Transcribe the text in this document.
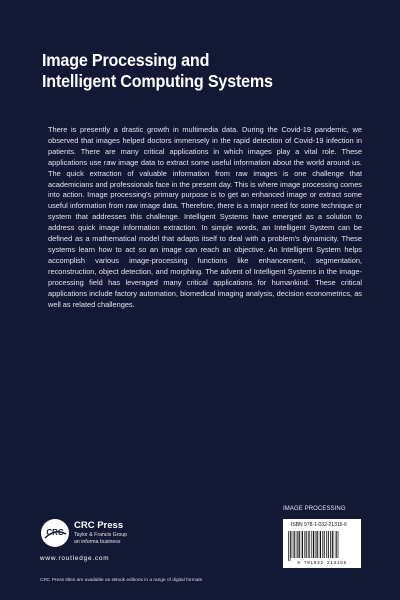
Image Processing and
Intelligent Computing Systems

There is presently a drastic growth in multimedia data. During the Covid-19 pandemic, we observed that images helped doctors immensely in the rapid detection of Covid-19 infection in patients. There are many critical applications in which images play a vital role. These applications use raw image data to extract some useful information about the world around us. The quick extraction of valuable information from raw images is one challenge that academicians and professionals face in the present day. This is where image processing comes into action. Image processing's primary purpose is to get an enhanced image or extract some useful information from raw image data. Therefore, there is a major need for some technique or system that addresses this challenge. Intelligent Systems have emerged as a solution to address quick image information extraction. In simple words, an Intelligent System can be defined as a mathematical model that adapts itself to deal with a problem's dynamicity. These systems learn how to act so an image can reach an objective. An Intelligent System helps accomplish various image-processing functions like enhancement, segmentation, reconstruction, object detection, and morphing. The advent of Intelligent Systems in the image-processing field has leveraged many critical applications for humankind. These critical applications include factory automation, biomedical imaging analysis, decision econometrics, as well as related challenges.

IMAGE PROCESSING
ISBN 978-1-032-21315-6
9 781032 213156
CRC
CRC Press
Taylor & Francis Group
an informa business
www.routledge.com
CRC Press titles are available as eBook editions in a range of digital formats
